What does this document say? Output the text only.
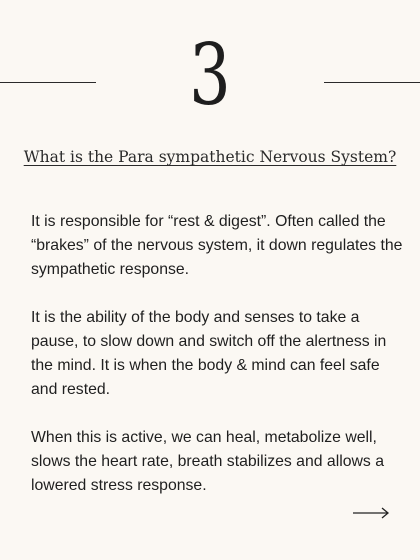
3
What is the Para sympathetic Nervous System?

It is responsible for “rest & digest”. Often called the “brakes” of the nervous system, it down regulates the sympathetic response.

It is the ability of the body and senses to take a pause, to slow down and switch off the alertness in the mind. It is when the body & mind can feel safe and rested.

When this is active, we can heal, metabolize well, slows the heart rate, breath stabilizes and allows a lowered stress response.
